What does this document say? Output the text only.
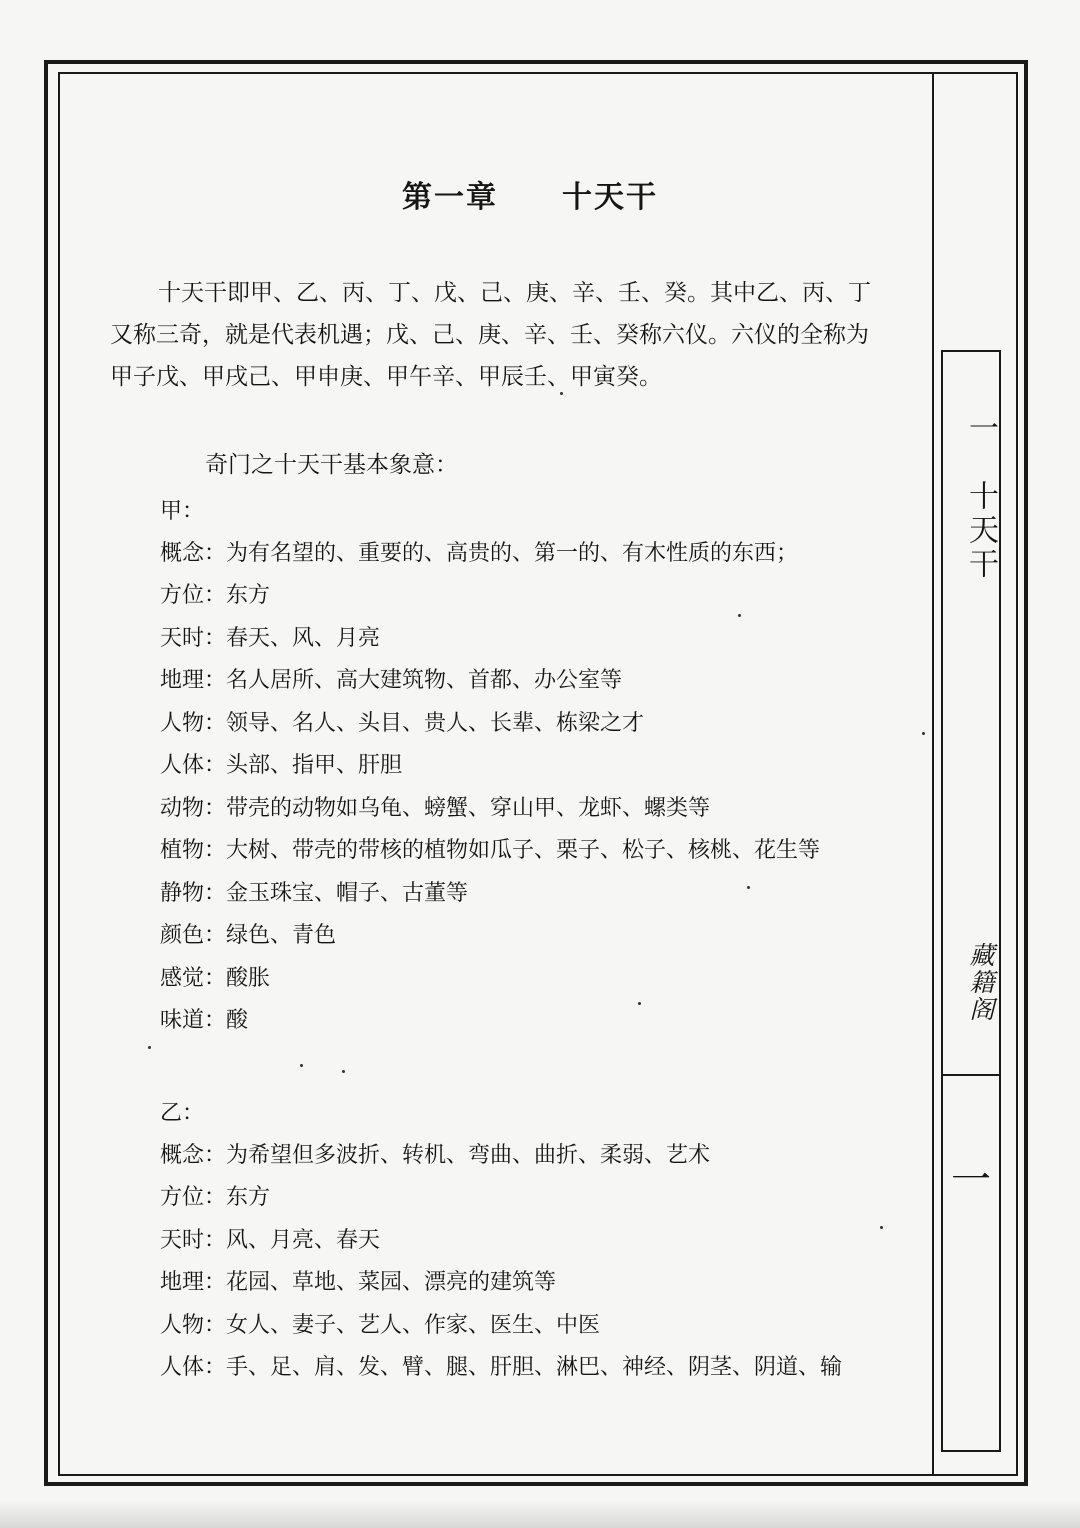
一　十天干
藏籍阁
一
第一章　　十天干
十天干即甲、乙、丙、丁、戊、己、庚、辛、壬、癸。其中乙、丙、丁
又称三奇，就是代表机遇；戊、己、庚、辛、壬、癸称六仪。六仪的全称为
甲子戊、甲戌己、甲申庚、甲午辛、甲辰壬、甲寅癸。
奇门之十天干基本象意：
甲：
概念： 为有名望的、重要的、高贵的、第一的、有木性质的东西；
方位： 东方
天时： 春天、风、月亮
地理： 名人居所、高大建筑物、首都、办公室等
人物： 领导、名人、头目、贵人、长辈、栋梁之才
人体： 头部、指甲、肝胆
动物： 带壳的动物如乌龟、螃蟹、穿山甲、龙虾、螺类等
植物： 大树、带壳的带核的植物如瓜子、栗子、松子、核桃、花生等
静物： 金玉珠宝、帽子、古董等
颜色： 绿色、青色
感觉： 酸胀
味道： 酸
乙：
概念： 为希望但多波折、转机、弯曲、曲折、柔弱、艺术
方位： 东方
天时： 风、月亮、春天
地理： 花园、草地、菜园、漂亮的建筑等
人物： 女人、妻子、艺人、作家、医生、中医
人体： 手、足、肩、发、臂、腿、肝胆、淋巴、神经、阴茎、阴道、输
